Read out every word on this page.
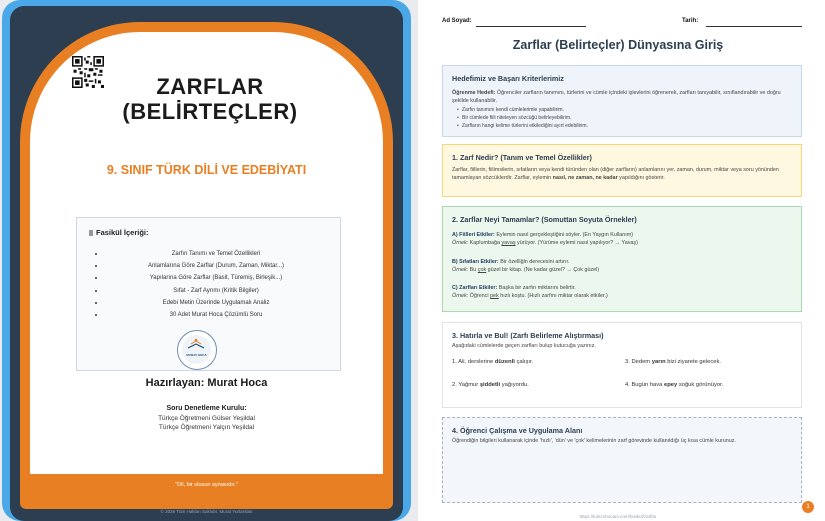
ZARFLAR
(BELİRTEÇLER)
9. SINIF TÜRK DİLİ VE EDEBİYATI
Fasikül İçeriği:
Zarfın Tanımı ve Temel Özellikleri
Anlamlarına Göre Zarflar (Durum, Zaman, Miktar...)
Yapılarına Göre Zarflar (Basit, Türemiş, Birleşik...)
Sıfat - Zarf Ayrımı (Kritik Bilgiler)
Edebi Metin Üzerinde Uygulamalı Analiz
30 Adet Murat Hoca Çözümlü Soru
MURAT HOCA
Hazırlayan: Murat Hoca
Soru Denetleme Kurulu:
Türkçe Öğretmeni Gülser Yeşildal
Türkçe Öğretmeni Yalçın Yeşildal
"Dil, bir ulusun aynasıdır."
© 2026 Tüm Hakları Saklıdır. Murat Yurtarslan
Ad Soyad:	Tarih:
Zarflar (Belirteçler) Dünyasına Giriş
Hedefimiz ve Başarı Kriterlerimiz
Öğrenme Hedefi: Öğrenciler zarfların tanımını, türlerini ve cümle içindeki işlevlerini öğrenerek, zarfları tanıyabilir, sınıflandırabilir ve doğru şekilde kullanabilir.
• Zarfın tanımını kendi cümlelerimle yapabilirim.
• Bir cümlede fiili niteleyen sözcüğü belirleyebilirim.
• Zarfların hangi kelime türlerini etkilediğini ayırt edebilirim.
1. Zarf Nedir? (Tanım ve Temel Özellikler)
Zarflar, fiillerin, fiilimsilerin, sıfatların veya kendi türünden olan (diğer zarfların) anlamlarını yer, zaman, durum, miktar veya soru yönünden tamamlayan sözcüklerdir. Zarflar, eylemin nasıl, ne zaman, ne kadar yapıldığını gösterir.
2. Zarflar Neyi Tamamlar? (Somuttan Soyuta Örnekler)
A) Fiilleri Etkiler: Eylemin nasıl gerçekleştiğini söyler. (En Yaygın Kullanım)
Örnek: Kaplumbağa yavaş yürüyor. (Yürüme eylemi nasıl yapılıyor? → Yavaş)
B) Sıfatları Etkiler: Bir özelliğin derecesini artırır.
Örnek: Bu çok güzel bir kitap. (Ne kadar güzel? → Çok güzel)
C) Zarfları Etkiler: Başka bir zarfın miktarını belirtir.
Örnek: Öğrenci pek hızlı koştu. (Hızlı zarfını miktar olarak etkiler.)
3. Hatırla ve Bul! (Zarfı Belirleme Alıştırması)
Aşağıdaki cümlelerde geçen zarfları bulup kutucuğa yazınız.
1. Ali, derslerine düzenli çalışır.	3. Dedem yarın bizi ziyarete gelecek.
2. Yağmur şiddetli yağıyordu.	4. Bugün hava epey soğuk görünüyor.
4. Öğrenci Çalışma ve Uygulama Alanı
Öğrendiğin bilgileri kullanarak içinde 'hızlı', 'dün' ve 'çok' kelimelerinin zarf görevinde kullanıldığı üç kısa cümle kurunuz.
1
https://turkcehocam.com/fasikul/zarflar
